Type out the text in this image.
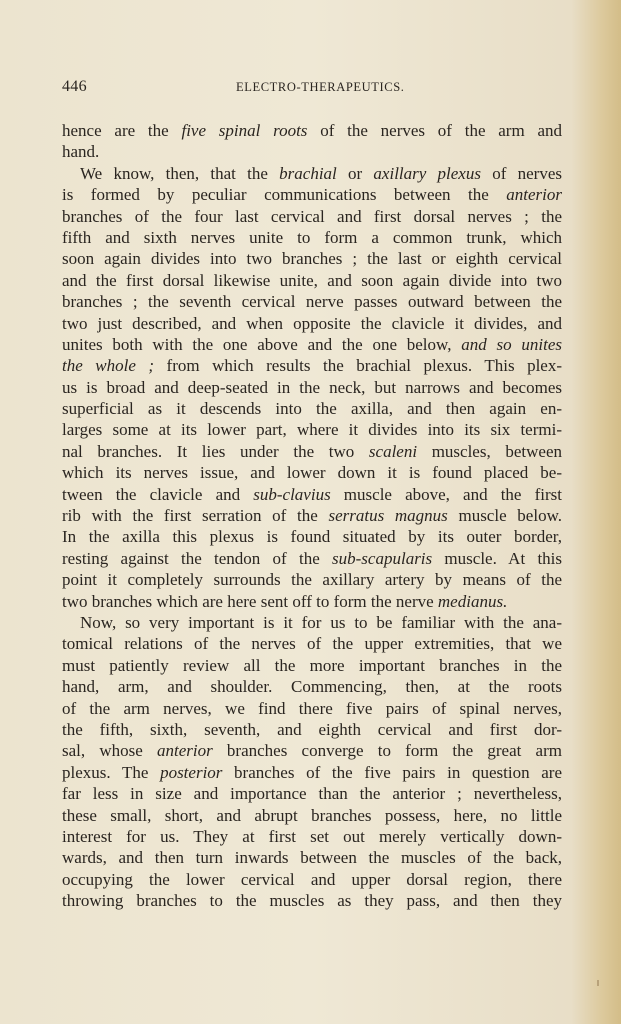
446	ELECTRO-THERAPEUTICS.
hence are the five spinal roots of the nerves of the arm and
hand.
We know, then, that the brachial or axillary plexus of nerves
is formed by peculiar communications between the anterior
branches of the four last cervical and first dorsal nerves ; the
fifth and sixth nerves unite to form a common trunk, which
soon again divides into two branches ; the last or eighth cervical
and the first dorsal likewise unite, and soon again divide into two
branches ; the seventh cervical nerve passes outward between the
two just described, and when opposite the clavicle it divides, and
unites both with the one above and the one below, and so unites
the whole ; from which results the brachial plexus. This plex-
us is broad and deep-seated in the neck, but narrows and becomes
superficial as it descends into the axilla, and then again en-
larges some at its lower part, where it divides into its six termi-
nal branches. It lies under the two scaleni muscles, between
which its nerves issue, and lower down it is found placed be-
tween the clavicle and sub-clavius muscle above, and the first
rib with the first serration of the serratus magnus muscle below.
In the axilla this plexus is found situated by its outer border,
resting against the tendon of the sub-scapularis muscle. At this
point it completely surrounds the axillary artery by means of the
two branches which are here sent off to form the nerve medianus.
Now, so very important is it for us to be familiar with the ana-
tomical relations of the nerves of the upper extremities, that we
must patiently review all the more important branches in the
hand, arm, and shoulder. Commencing, then, at the roots
of the arm nerves, we find there five pairs of spinal nerves,
the fifth, sixth, seventh, and eighth cervical and first dor-
sal, whose anterior branches converge to form the great arm
plexus. The posterior branches of the five pairs in question are
far less in size and importance than the anterior ; nevertheless,
these small, short, and abrupt branches possess, here, no little
interest for us. They at first set out merely vertically down-
wards, and then turn inwards between the muscles of the back,
occupying the lower cervical and upper dorsal region, there
throwing branches to the muscles as they pass, and then they
